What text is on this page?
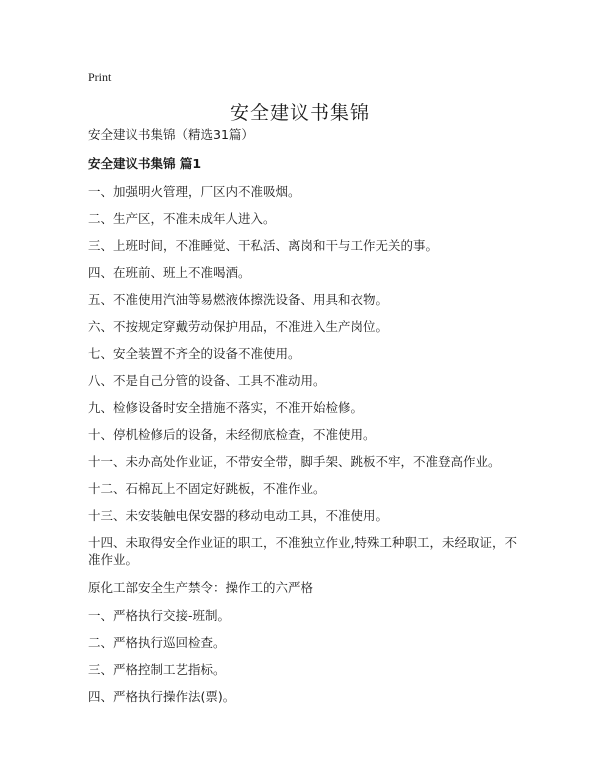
Print
安全建议书集锦

安全建议书集锦（精选31篇）

安全建议书集锦 篇1

一、加强明火管理，厂区内不准吸烟。

二、生产区，不准未成年人进入。

三、上班时间，不准睡觉、干私活、离岗和干与工作无关的事。

四、在班前、班上不准喝酒。

五、不准使用汽油等易燃液体擦洗设备、用具和衣物。

六、不按规定穿戴劳动保护用品，不准进入生产岗位。

七、安全装置不齐全的设备不准使用。

八、不是自己分管的设备、工具不准动用。

九、检修设备时安全措施不落实，不准开始检修。

十、停机检修后的设备，未经彻底检查，不准使用。

十一、未办高处作业证，不带安全带，脚手架、跳板不牢，不准登高作业。

十二、石棉瓦上不固定好跳板，不准作业。

十三、未安装触电保安器的移动电动工具，不准使用。

十四、未取得安全作业证的职工，不准独立作业,特殊工种职工，未经取证，不准作业。

原化工部安全生产禁令：操作工的六严格

一、严格执行交接-班制。

二、严格执行巡回检查。

三、严格控制工艺指标。

四、严格执行操作法(票)。
